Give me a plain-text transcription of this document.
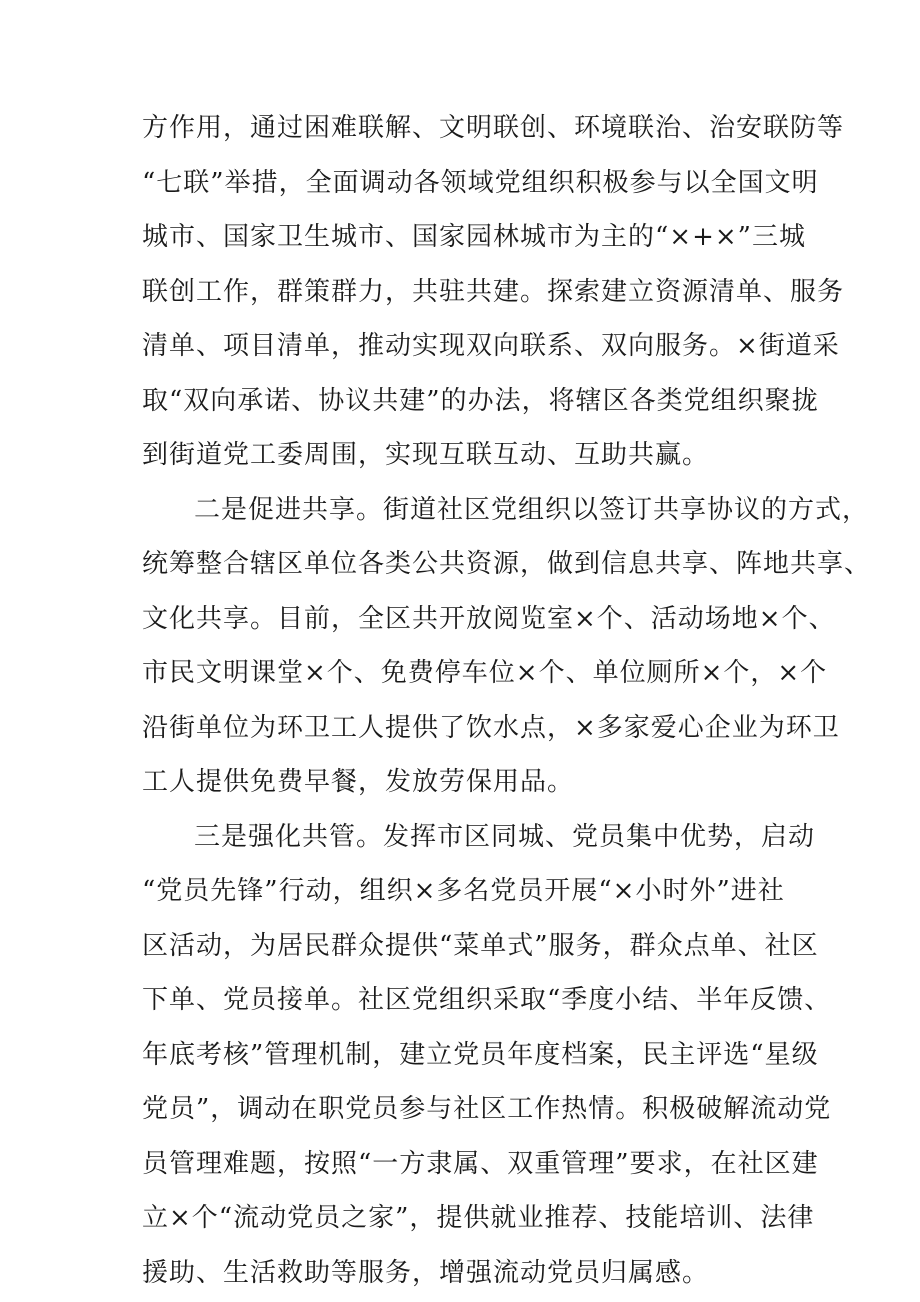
方作用，通过困难联解、文明联创、环境联治、治安联防等
“七联”举措，全面调动各领域党组织积极参与以全国文明
城市、国家卫生城市、国家园林城市为主的“×+×”三城
联创工作，群策群力，共驻共建。探索建立资源清单、服务
清单、项目清单，推动实现双向联系、双向服务。×街道采
取“双向承诺、协议共建”的办法，将辖区各类党组织聚拢
到街道党工委周围，实现互联互动、互助共赢。
二是促进共享。街道社区党组织以签订共享协议的方式，
统筹整合辖区单位各类公共资源，做到信息共享、阵地共享、
文化共享。目前，全区共开放阅览室×个、活动场地×个、
市民文明课堂×个、免费停车位×个、单位厕所×个，×个
沿街单位为环卫工人提供了饮水点，×多家爱心企业为环卫
工人提供免费早餐，发放劳保用品。
三是强化共管。发挥市区同城、党员集中优势，启动
“党员先锋”行动，组织×多名党员开展“×小时外”进社
区活动，为居民群众提供“菜单式”服务，群众点单、社区
下单、党员接单。社区党组织采取“季度小结、半年反馈、
年底考核”管理机制，建立党员年度档案，民主评选“星级
党员”，调动在职党员参与社区工作热情。积极破解流动党
员管理难题，按照“一方隶属、双重管理”要求，在社区建
立×个“流动党员之家”，提供就业推荐、技能培训、法律
援助、生活救助等服务，增强流动党员归属感。
